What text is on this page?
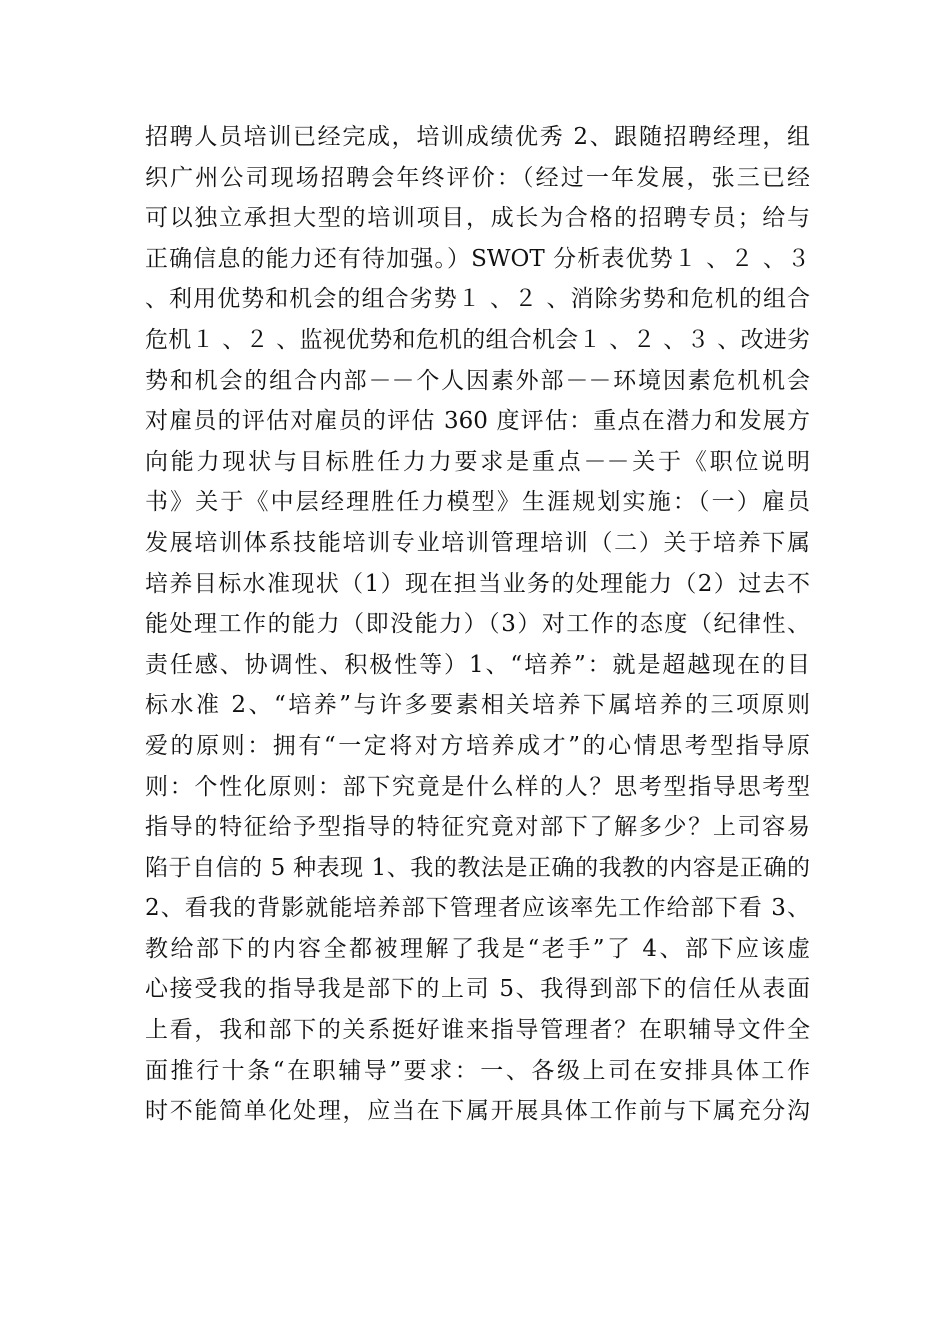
招聘人员培训已经完成，培训成绩优秀 2、跟随招聘经理，组
织广州公司现场招聘会年终评价：（经过一年发展，张三已经
可以独立承担大型的培训项目，成长为合格的招聘专员；给与
正确信息的能力还有待加强。）SWOT 分析表优势１ 、２ 、３
、利用优势和机会的组合劣势１ 、２ 、消除劣势和危机的组合
危机１ 、２ 、监视优势和危机的组合机会１ 、２ 、３ 、改进劣
势和机会的组合内部－－个人因素外部－－环境因素危机机会
对雇员的评估对雇员的评估 360 度评估：重点在潜力和发展方
向能力现状与目标胜任力力要求是重点－－关于《职位说明
书》关于《中层经理胜任力模型》生涯规划实施：（一）雇员
发展培训体系技能培训专业培训管理培训（二）关于培养下属
培养目标水准现状（1）现在担当业务的处理能力（2）过去不
能处理工作的能力（即没能力）（3）对工作的态度（纪律性、
责任感、协调性、积极性等）1、“培养”：就是超越现在的目
标水准 2、“培养”与许多要素相关培养下属培养的三项原则
爱的原则：拥有“一定将对方培养成才”的心情思考型指导原
则：个性化原则：部下究竟是什么样的人？思考型指导思考型
指导的特征给予型指导的特征究竟对部下了解多少？上司容易
陷于自信的 5 种表现 1、我的教法是正确的我教的内容是正确的
2、看我的背影就能培养部下管理者应该率先工作给部下看 3、
教给部下的内容全都被理解了我是“老手”了 4、部下应该虚
心接受我的指导我是部下的上司 5、我得到部下的信任从表面
上看，我和部下的关系挺好谁来指导管理者？在职辅导文件全
面推行十条“在职辅导”要求：一、各级上司在安排具体工作
时不能简单化处理，应当在下属开展具体工作前与下属充分沟
